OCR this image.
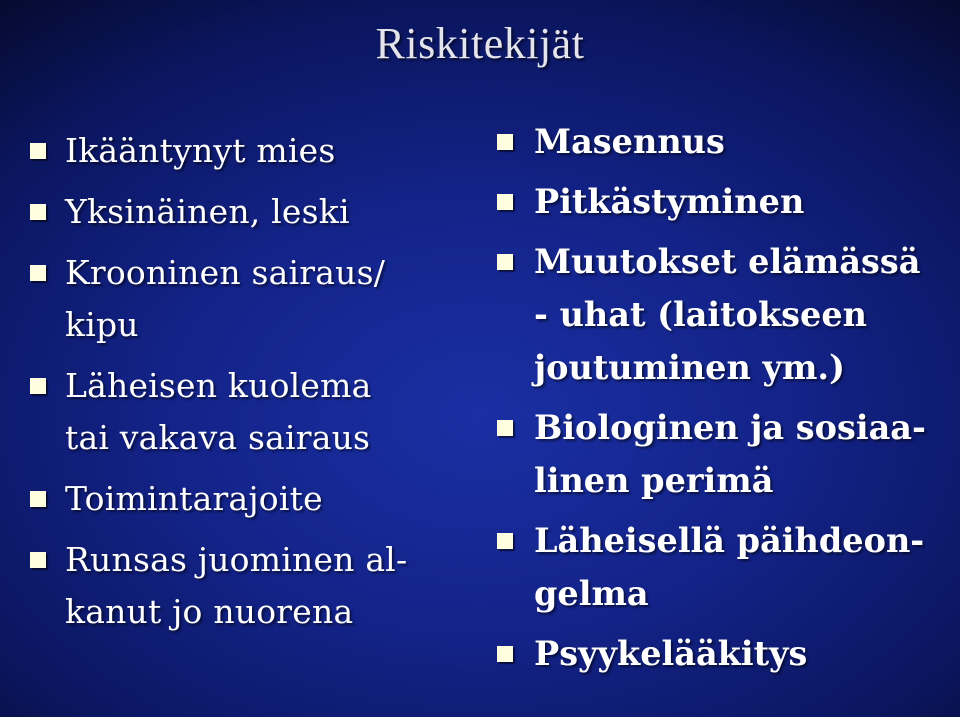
Riskitekijät
Ikääntynyt mies
Yksinäinen, leski
Krooninen sairaus/
kipu
Läheisen kuolema
tai vakava sairaus
Toimintarajoite
Runsas juominen al-
kanut jo nuorena
Masennus
Pitkästyminen
Muutokset elämässä
- uhat (laitokseen
joutuminen ym.)
Biologinen ja sosiaa-
linen perimä
Läheisellä päihdeon-
gelma
Psyykelääkitys
